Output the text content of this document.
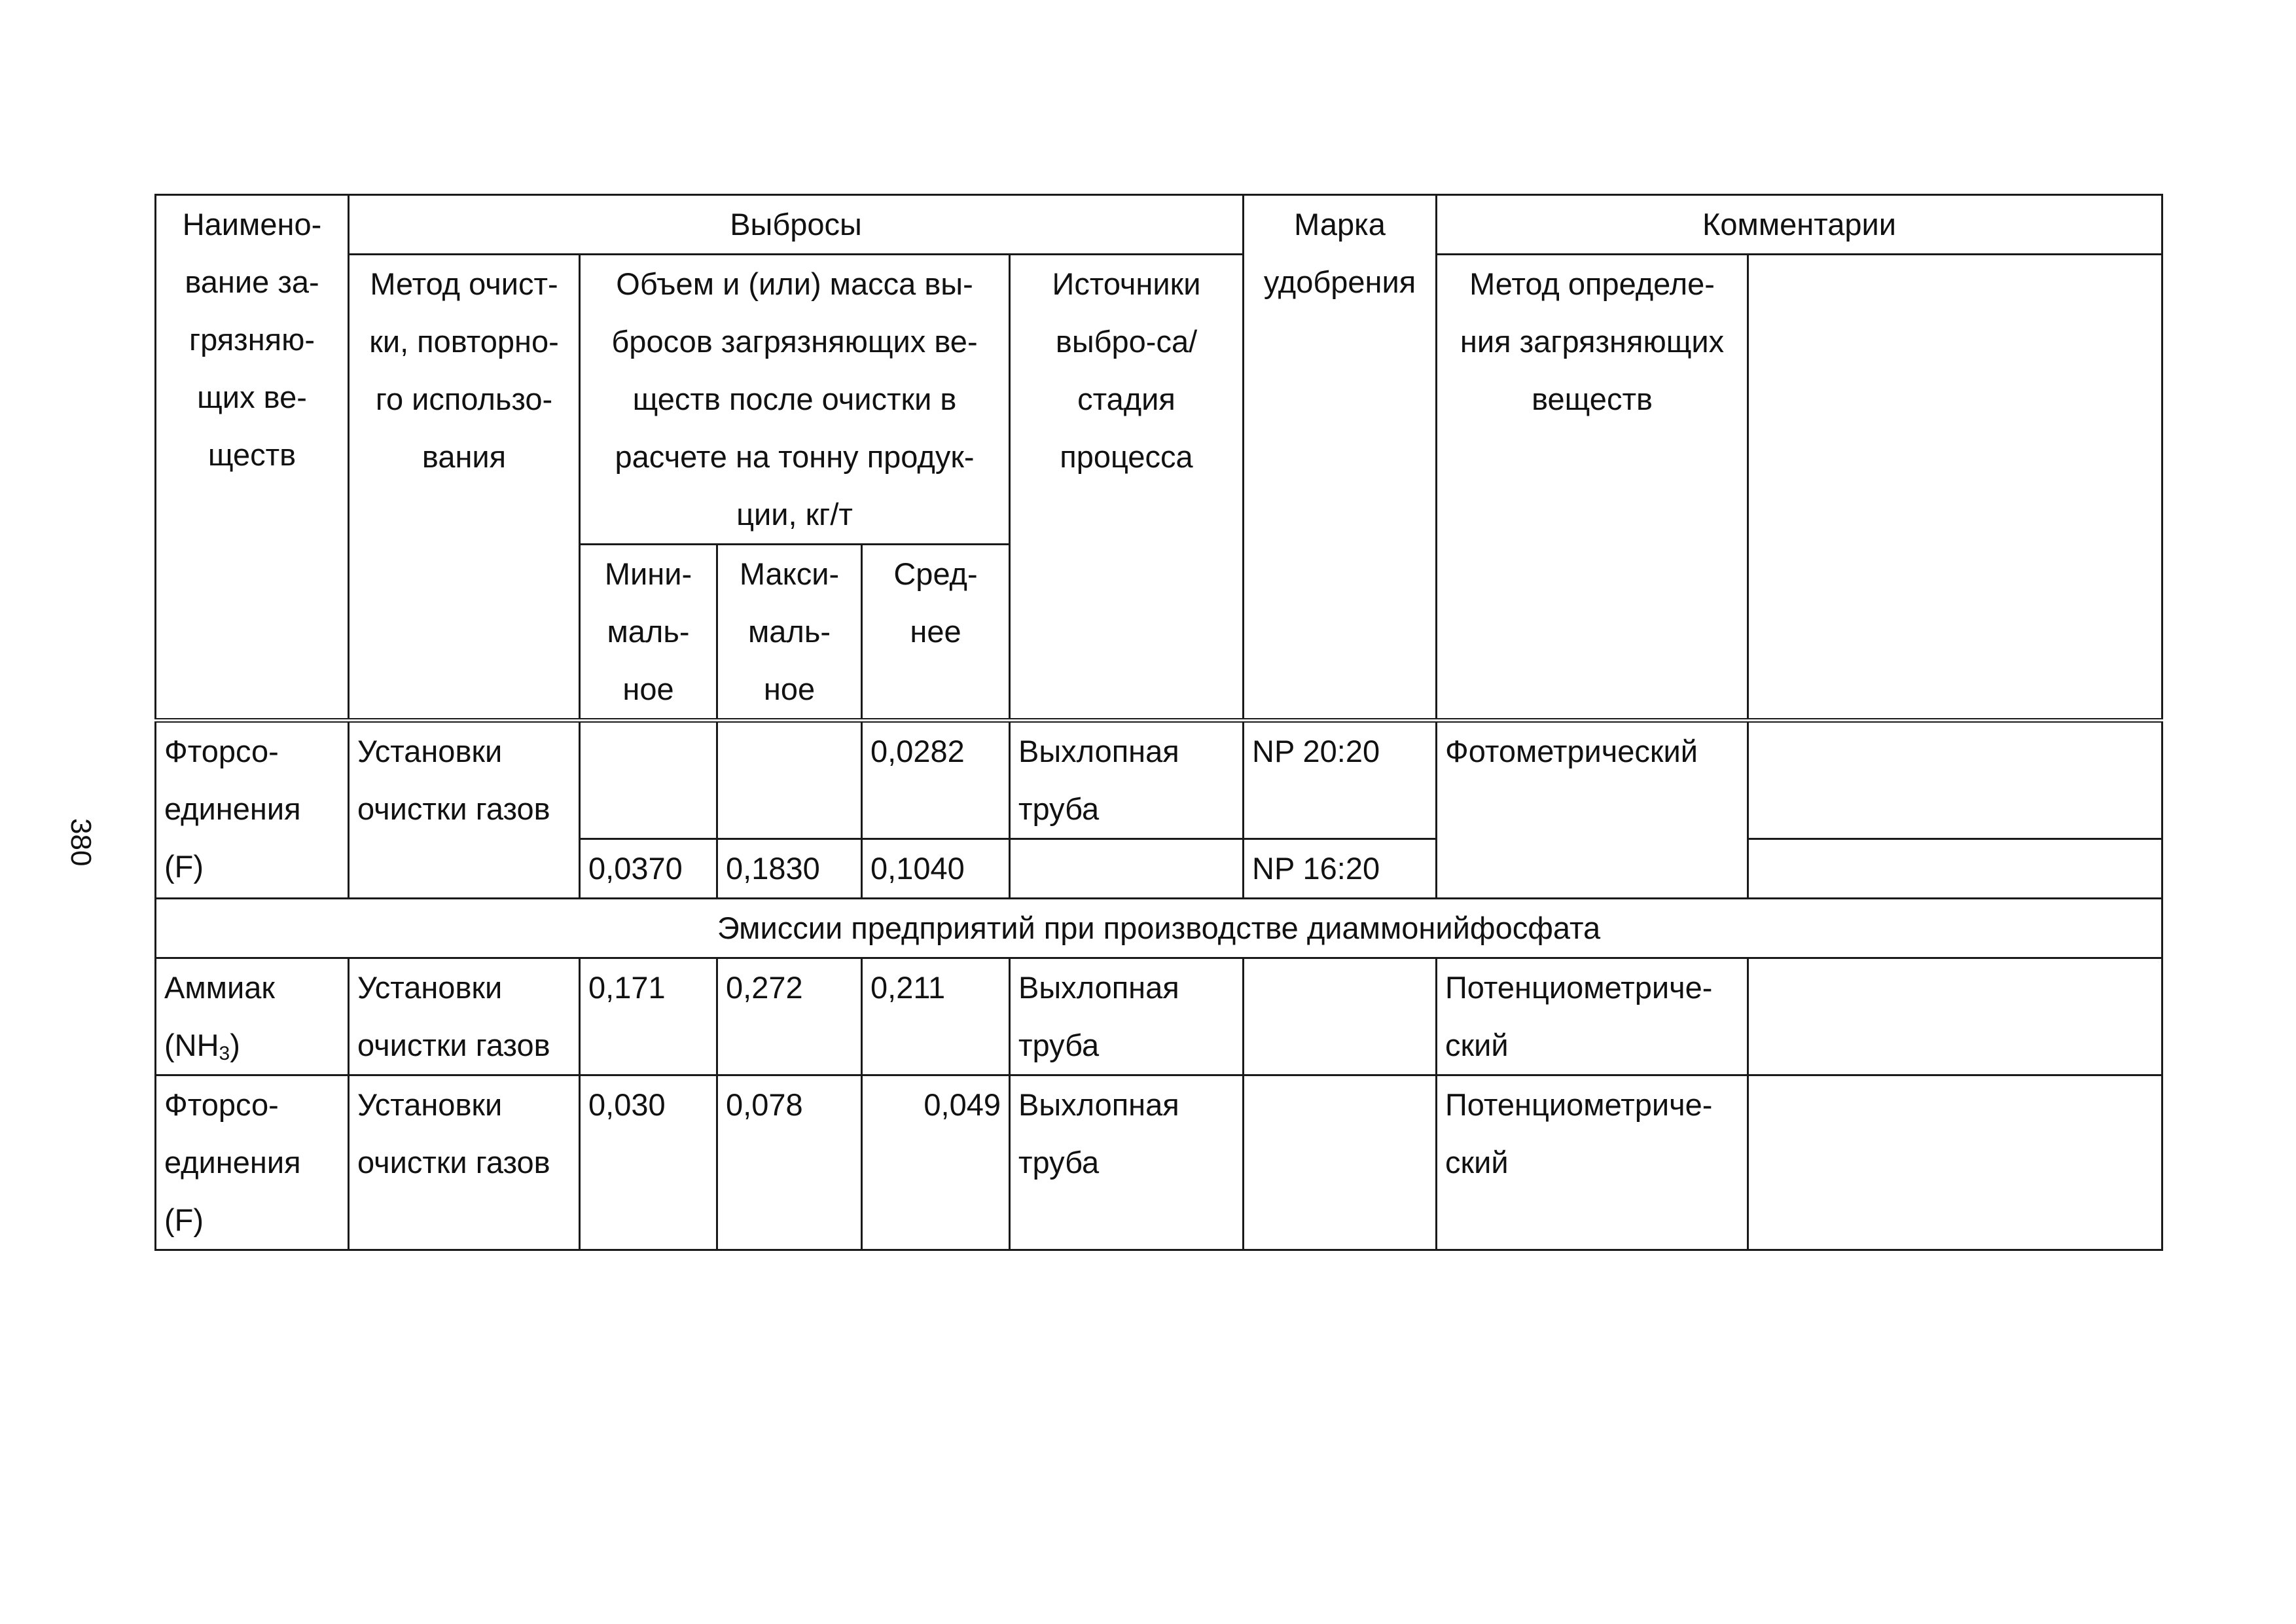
380
Наимено-вание за-грязняю-щих ве-ществ	Выбросы					Марка удобрения	Комментарии	
	Метод очист-ки, повторно-го использо-вания	Объем и (или) масса вы-бросов загрязняющих ве-ществ после очистки в расчете на тонну продук-ции, кг/т			Источники выбро-са/стадия процесса		Метод определе-ния загрязняющих веществ	
		Мини-маль-ное	Макси-маль-ное	Сред-нее				
Фторсо-единения (F)	Установки очистки газов			0,0282	Выхлопная труба	NP 20:20	Фотометрический	
		0,0370	0,1830	0,1040		NP 16:20		
Эмиссии предприятий при производстве диаммонийфосфата								
Аммиак $(NH_3)$	Установки очистки газов	0,171	0,272	0,211	Выхлопная труба		Потенциометриче-ский	
Фторсо-единения (F)	Установки очистки газов	0,030	0,078	0,049	Выхлопная труба		Потенциометриче-ский	
